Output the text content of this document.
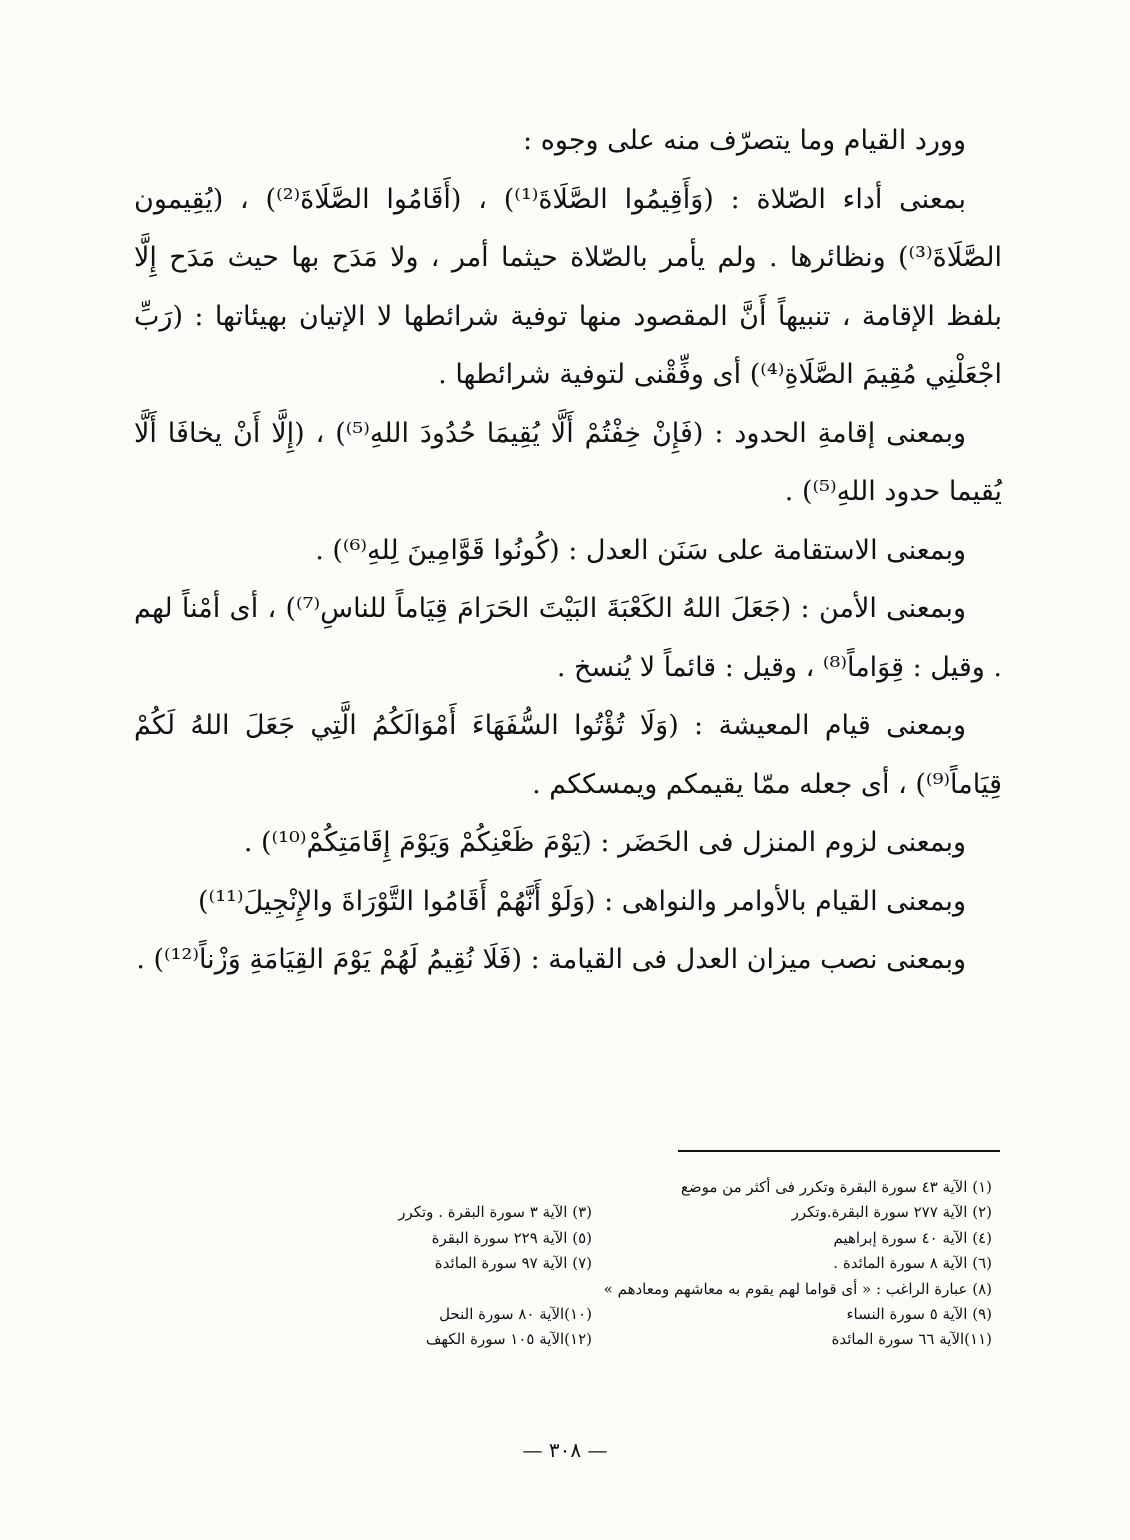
وورد القيام وما يتصرّف منه على وجوه :

بمعنى أداء الصّلاة : (وَأَقِيمُوا الصَّلَاةَ⁽¹⁾) ، (أَقَامُوا الصَّلَاةَ⁽²⁾) ، (يُقِيمون الصَّلَاةَ⁽³⁾) ونظائرها . ولم يأمر بالصّلاة حيثما أمر ، ولا مَدَح بها حيث مَدَح إِلَّا بلفظ الإقامة ، تنبيهاً أَنَّ المقصود منها توفية شرائطها لا الإتيان بهيئاتها : (رَبِّ اجْعَلْنِي مُقِيمَ الصَّلَاةِ⁽⁴⁾) أى وفِّقْنى لتوفية شرائطها .

وبمعنى إقامةِ الحدود : (فَإِنْ خِفْتُمْ أَلَّا يُقِيمَا حُدُودَ اللهِ⁽⁵⁾) ، (إِلَّا أَنْ يخافَا أَلَّا يُقيما حدود اللهِ⁽⁵⁾) .

وبمعنى الاستقامة على سَنَن العدل : (كُونُوا قَوَّامِينَ لِلهِ⁽⁶⁾) .

وبمعنى الأمن : (جَعَلَ اللهُ الكَعْبَةَ البَيْتَ الحَرَامَ قِيَاماً للناسِ⁽⁷⁾) ، أى أمْناً لهم . وقيل : قِوَاماً⁽⁸⁾ ، وقيل : قائماً لا يُنسخ .

وبمعنى قيام المعيشة : (وَلَا تُؤْتُوا السُّفَهَاءَ أَمْوَالَكُمُ الَّتِي جَعَلَ اللهُ لَكُمْ قِيَاماً⁽⁹⁾) ، أى جعله ممّا يقيمكم ويمسككم .

وبمعنى لزوم المنزل فى الحَضَر : (يَوْمَ ظَعْنِكُمْ وَيَوْمَ إِقَامَتِكُمْ⁽¹⁰⁾) .

وبمعنى القيام بالأوامر والنواهى : (وَلَوْ أَنَّهُمْ أَقَامُوا التَّوْرَاةَ والإِنْجِيلَ⁽¹¹⁾)

وبمعنى نصب ميزان العدل فى القيامة : (فَلَا نُقِيمُ لَهُمْ يَوْمَ القِيَامَةِ وَزْناً⁽¹²⁾) .

(١) الآية ٤٣ سورة البقرة وتكرر فى أكثر من موضع
(٢) الآية ٢٧٧ سورة البقرة.وتكرر
(٣) الآية ٣ سورة البقرة . وتكرر
(٤) الآية ٤٠ سورة إبراهيم
(٥) الآية ٢٢٩ سورة البقرة
(٦) الآية ٨ سورة المائدة .
(٧) الآية ٩٧ سورة المائدة
(٨) عبارة الراغب : « أى قواما لهم يقوم به معاشهم ومعادهم »
(٩) الآية ٥ سورة النساء
(١٠)الآية ٨٠ سورة النحل
(١١)الآية ٦٦ سورة المائدة
(١٢)الآية ١٠٥ سورة الكهف
— ٣٠٨ —
